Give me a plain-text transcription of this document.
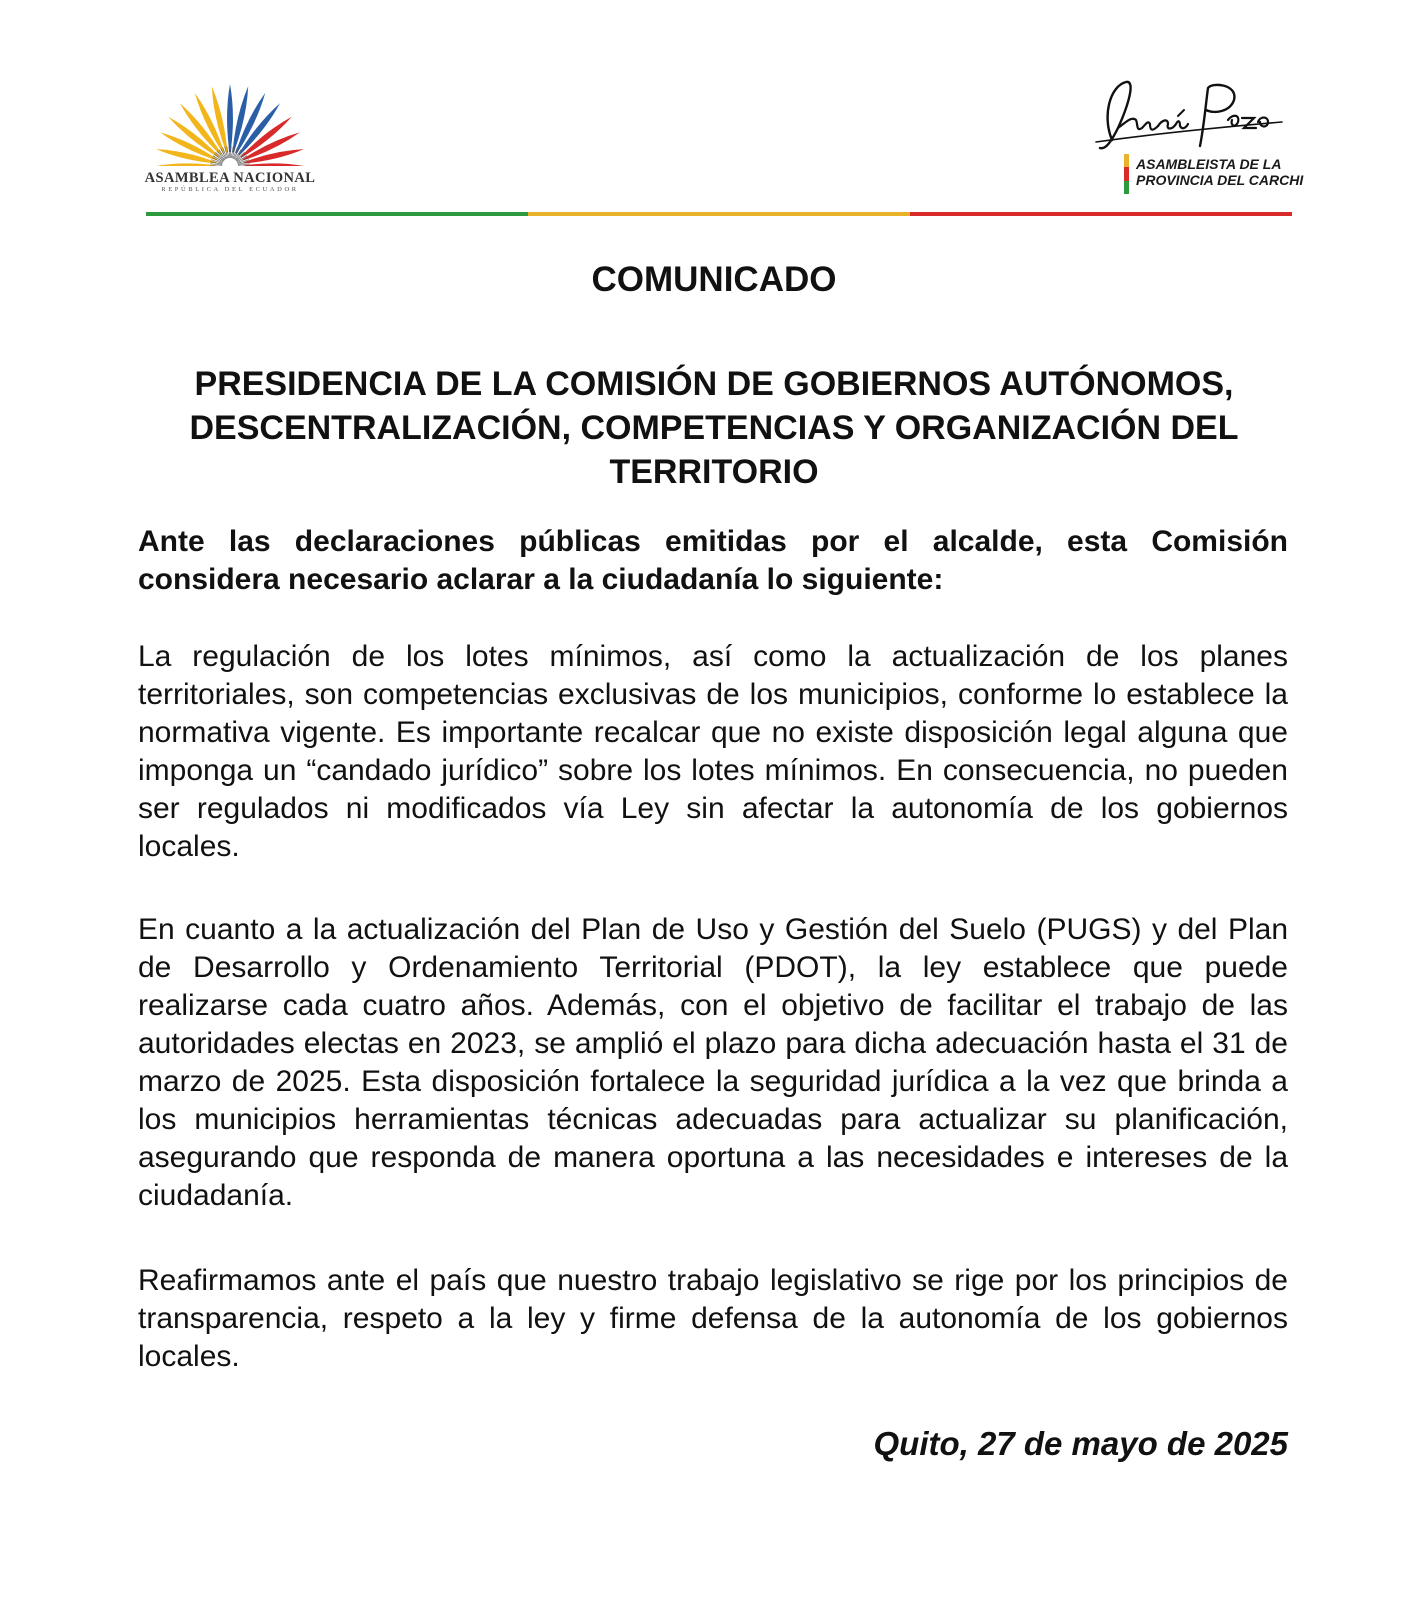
ASAMBLEA NACIONAL
REPÚBLICA DEL ECUADOR
ASAMBLEISTA DE LA
PROVINCIA DEL CARCHI
COMUNICADO
PRESIDENCIA DE LA COMISIÓN DE GOBIERNOS AUTÓNOMOS,
DESCENTRALIZACIÓN, COMPETENCIAS Y ORGANIZACIÓN DEL
TERRITORIO

Ante las declaraciones públicas emitidas por el alcalde, esta Comisión considera necesario aclarar a la ciudadanía lo siguiente:

La regulación de los lotes mínimos, así como la actualización de los planes territoriales, son competencias exclusivas de los municipios, conforme lo establece la normativa vigente. Es importante recalcar que no existe disposición legal alguna que imponga un “candado jurídico” sobre los lotes mínimos. En consecuencia, no pueden ser regulados ni modificados vía Ley sin afectar la autonomía de los gobiernos locales.

En cuanto a la actualización del Plan de Uso y Gestión del Suelo (PUGS) y del Plan de Desarrollo y Ordenamiento Territorial (PDOT), la ley establece que puede realizarse cada cuatro años. Además, con el objetivo de facilitar el trabajo de las autoridades electas en 2023, se amplió el plazo para dicha adecuación hasta el 31 de marzo de 2025. Esta disposición fortalece la seguridad jurídica a la vez que brinda a los municipios herramientas técnicas adecuadas para actualizar su planificación, asegurando que responda de manera oportuna a las necesidades e intereses de la ciudadanía.

Reafirmamos ante el país que nuestro trabajo legislativo se rige por los principios de transparencia, respeto a la ley y firme defensa de la autonomía de los gobiernos locales.

Quito, 27 de mayo de 2025
